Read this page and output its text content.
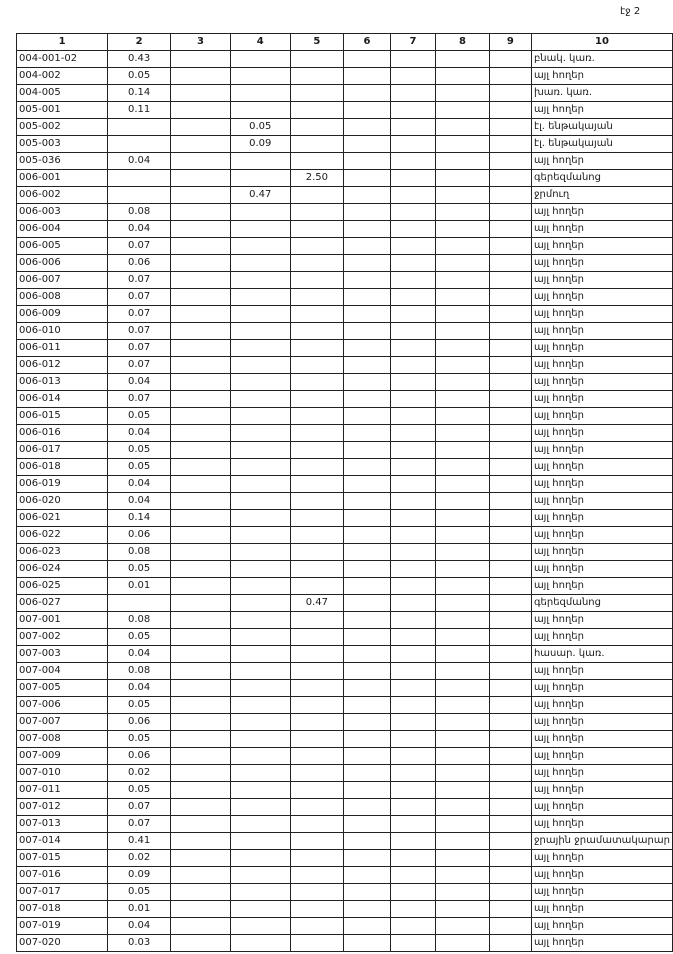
էջ 2
1	2	3	4	5	6	7	8	9	10
004-001-02	0.43								բնակ. կառ.
004-002	0.05								այլ հողեր
004-005	0.14								խառ. կառ.
005-001	0.11								այլ հողեր
005-002			0.05						էլ. ենթակայան
005-003			0.09						էլ. ենթակայան
005-036	0.04								այլ հողեր
006-001				2.50					գերեզմանոց
006-002			0.47						ջրմուղ
006-003	0.08								այլ հողեր
006-004	0.04								այլ հողեր
006-005	0.07								այլ հողեր
006-006	0.06								այլ հողեր
006-007	0.07								այլ հողեր
006-008	0.07								այլ հողեր
006-009	0.07								այլ հողեր
006-010	0.07								այլ հողեր
006-011	0.07								այլ հողեր
006-012	0.07								այլ հողեր
006-013	0.04								այլ հողեր
006-014	0.07								այլ հողեր
006-015	0.05								այլ հողեր
006-016	0.04								այլ հողեր
006-017	0.05								այլ հողեր
006-018	0.05								այլ հողեր
006-019	0.04								այլ հողեր
006-020	0.04								այլ հողեր
006-021	0.14								այլ հողեր
006-022	0.06								այլ հողեր
006-023	0.08								այլ հողեր
006-024	0.05								այլ հողեր
006-025	0.01								այլ հողեր
006-027				0.47					գերեզմանոց
007-001	0.08								այլ հողեր
007-002	0.05								այլ հողեր
007-003	0.04								հասար. կառ.
007-004	0.08								այլ հողեր
007-005	0.04								այլ հողեր
007-006	0.05								այլ հողեր
007-007	0.06								այլ հողեր
007-008	0.05								այլ հողեր
007-009	0.06								այլ հողեր
007-010	0.02								այլ հողեր
007-011	0.05								այլ հողեր
007-012	0.07								այլ հողեր
007-013	0.07								այլ հողեր
007-014	0.41								ջրային ջրամատակարար
007-015	0.02								այլ հողեր
007-016	0.09								այլ հողեր
007-017	0.05								այլ հողեր
007-018	0.01								այլ հողեր
007-019	0.04								այլ հողեր
007-020	0.03								այլ հողեր
